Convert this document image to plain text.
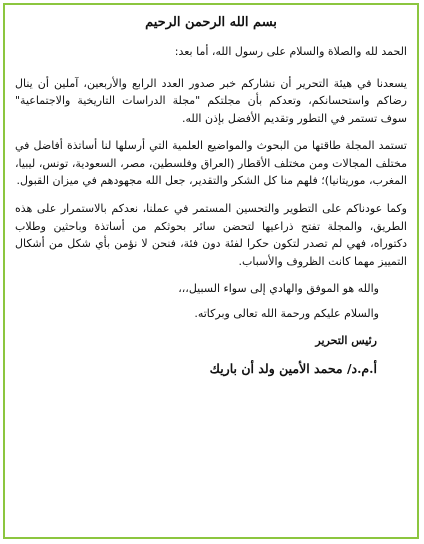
بسم الله الرحمن الرحيم
الحمد لله والصلاة والسلام على رسول الله، أما بعد:

يسعدنا في هيئة التحرير أن نشاركم خبر صدور العدد الرابع والأربعين، آملين أن ينال رضاكم واستحسانكم، وتعدكم بأن مجلتكم "مجلة الدراسات التاريخية والاجتماعية" سوف تستمر في التطور وتقديم الأفضل بإذن الله.

تستمد المجلة طاقتها من البحوث والمواضيع العلمية التي أرسلها لنا أساتذة أفاضل في مختلف المجالات ومن مختلف الأقطار (العراق وفلسطين، مصر، السعودية، تونس، ليبيا، المغرب، موريتانيا)؛ فلهم منا كل الشكر والتقدير، جعل الله مجهودهم في ميزان القبول.

وكما عودناكم على التطوير والتحسين المستمر في عملنا، نعدكم بالاستمرار على هذه الطريق، والمجلة تفتح ذراعيها لتحضن سائر بحوثكم من أساتذة وباحثين وطلاب دكتوراه، فهي لم تصدر لتكون حكرا لفئة دون فئة، فنحن لا نؤمن بأي شكل من أشكال التمييز مهما كانت الظروف والأسباب.

والله هو الموفق والهادي إلى سواء السبيل،،،
والسلام عليكم ورحمة الله تعالى وبركاته.
رئيس التحرير
أ.م.د/ محمد الأمين ولد أن باريك
